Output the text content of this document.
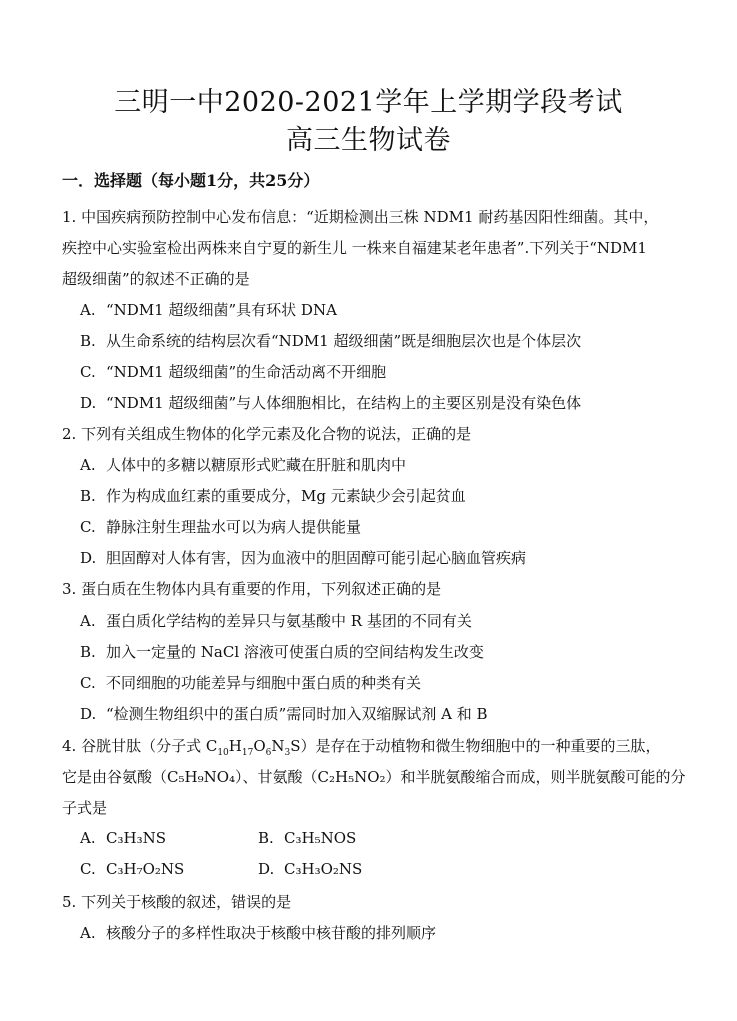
三明一中2020-2021学年上学期学段考试
高三生物试卷
一．选择题（每小题1分，共25分）
1. 中国疾病预防控制中心发布信息：“近期检测出三株 NDM1 耐药基因阳性细菌。其中，
疾控中心实验室检出两株来自宁夏的新生儿 一株来自福建某老年患者”.下列关于“NDM1
超级细菌”的叙述不正确的是
A. “NDM1 超级细菌”具有环状 DNA
B. 从生命系统的结构层次看“NDM1 超级细菌”既是细胞层次也是个体层次
C. “NDM1 超级细菌”的生命活动离不开细胞
D. “NDM1 超级细菌”与人体细胞相比，在结构上的主要区别是没有染色体
2. 下列有关组成生物体的化学元素及化合物的说法，正确的是
A. 人体中的多糖以糖原形式贮藏在肝脏和肌肉中
B. 作为构成血红素的重要成分，Mg 元素缺少会引起贫血
C. 静脉注射生理盐水可以为病人提供能量
D. 胆固醇对人体有害，因为血液中的胆固醇可能引起心脑血管疾病
3. 蛋白质在生物体内具有重要的作用，下列叙述正确的是
A. 蛋白质化学结构的差异只与氨基酸中 R 基团的不同有关
B. 加入一定量的 NaCl 溶液可使蛋白质的空间结构发生改变
C. 不同细胞的功能差异与细胞中蛋白质的种类有关
D. “检测生物组织中的蛋白质”需同时加入双缩脲试剂 A 和 B
4. 谷胱甘肽（分子式 $C_{10}H_{17}O_6N_3S$）是存在于动植物和微生物细胞中的一种重要的三肽，
它是由谷氨酸（C₅H₉NO₄）、甘氨酸（C₂H₅NO₂）和半胱氨酸缩合而成，则半胱氨酸可能的分
子式是
A. C₃H₃NS	B. C₃H₅NOS
C. C₃H₇O₂NS	D. C₃H₃O₂NS
5. 下列关于核酸的叙述，错误的是
A. 核酸分子的多样性取决于核酸中核苷酸的排列顺序
